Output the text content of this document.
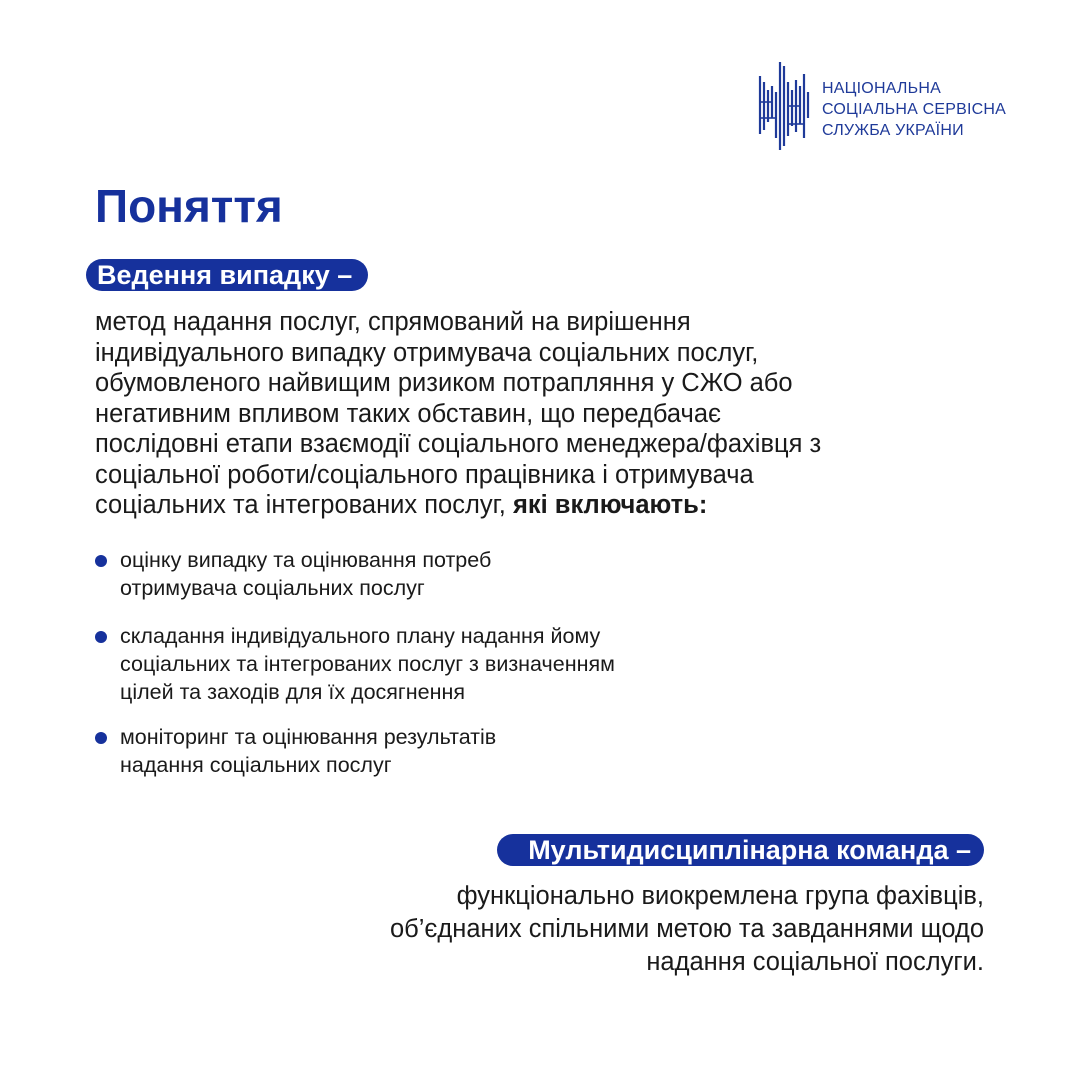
НАЦІОНАЛЬНА
СОЦІАЛЬНА СЕРВІСНА
СЛУЖБА УКРАЇНИ
Поняття
Ведення випадку –

метод надання послуг, спрямований на вирішення
індивідуального випадку отримувача соціальних послуг,
обумовленого найвищим ризиком потрапляння у СЖО або
негативним впливом таких обставин, що передбачає
послідовні етапи взаємодії соціального менеджера/фахівця з
соціальної роботи/соціального працівника і отримувача
соціальних та інтегрованих послуг, які включають:

оцінку випадку та оцінювання потреб
отримувача соціальних послуг
складання індивідуального плану надання йому
соціальних та інтегрованих послуг з визначенням
цілей та заходів для їх досягнення
моніторинг та оцінювання результатів
надання соціальних послуг
Мультидисциплінарна команда –

функціонально виокремлена група фахівців,
об’єднаних спільними метою та завданнями щодо
надання соціальної послуги.
